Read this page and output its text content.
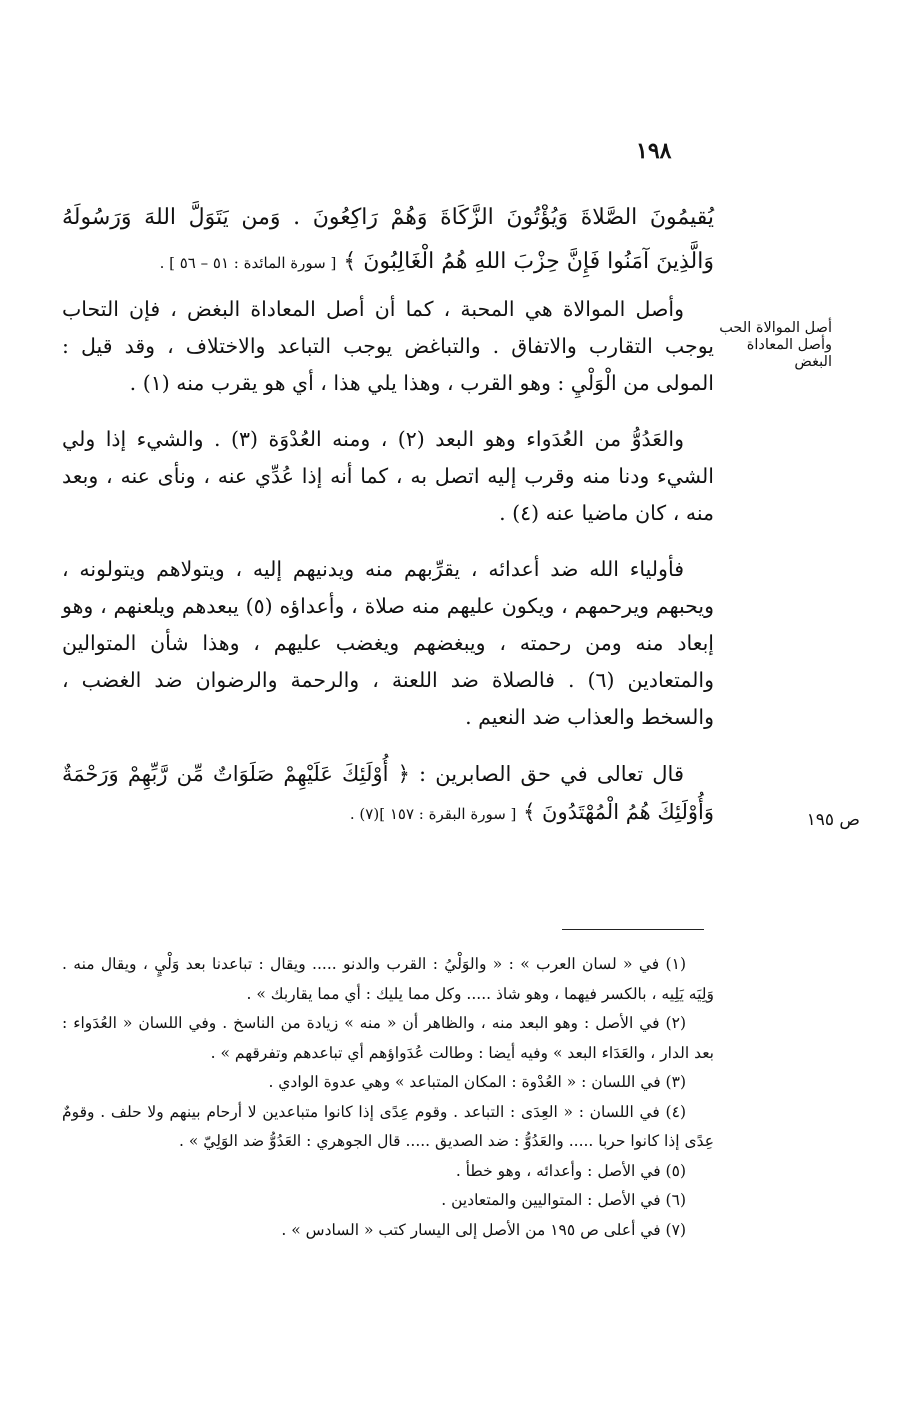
١٩٨
أصل الموالاة الحب وأصل المعاداة البغض
ص ١٩٥

يُقيمُونَ الصَّلاةَ وَيُؤْتُونَ الزَّكَاةَ وَهُمْ رَاكِعُونَ . وَمن يَتَوَلَّ اللهَ وَرَسُولَهُ وَالَّذِينَ آمَنُوا فَإِنَّ حِزْبَ اللهِ هُمُ الْغَالِبُونَ ﴾ [ سورة المائدة : ٥١ – ٥٦ ] .

وأصل الموالاة هي المحبة ، كما أن أصل المعاداة البغض ، فإن التحاب يوجب التقارب والاتفاق . والتباغض يوجب التباعد والاختلاف ، وقد قيل : المولى من الْوَلْيِ : وهو القرب ، وهذا يلي هذا ، أي هو يقرب منه (١) .

والعَدُوُّ من العُدَواء وهو البعد (٢) ، ومنه العُدْوَة (٣) . والشيء إذا ولي الشيء ودنا منه وقرب إليه اتصل به ، كما أنه إذا عُدِّي عنه ، ونأى عنه ، وبعد منه ، كان ماضيا عنه (٤) .

فأولياء الله ضد أعدائه ، يقرِّبهم منه ويدنيهم إليه ، ويتولاهم ويتولونه ، ويحبهم ويرحمهم ، ويكون عليهم منه صلاة ، وأعداؤه (٥) يبعدهم ويلعنهم ، وهو إبعاد منه ومن رحمته ، ويبغضهم ويغضب عليهم ، وهذا شأن المتوالين والمتعادين (٦) . فالصلاة ضد اللعنة ، والرحمة والرضوان ضد الغضب ، والسخط والعذاب ضد النعيم .

قال تعالى في حق الصابرين : ﴿ أُوْلَئِكَ عَلَيْهِمْ صَلَوَاتٌ مِّن رَّبِّهِمْ وَرَحْمَةٌ وَأُوْلَئِكَ هُمُ الْمُهْتَدُونَ ﴾ [ سورة البقرة : ١٥٧ ](٧) .

(١) في « لسان العرب » : « والوَلْيُ : القرب والدنو ..... ويقال : تباعدنا بعد وَلْيٍ ، ويقال منه . وَلِيَه يَلِيه ، بالكسر فيهما ، وهو شاذ ..... وكل مما يليك : أي مما يقاربك » .

(٢) في الأصل : وهو البعد منه ، والظاهر أن « منه » زيادة من الناسخ . وفي اللسان « العُدَواء : بعد الدار ، والعَدَاء البعد » وفيه أيضا : وطالت عُدَواؤهم أي تباعدهم وتفرقهم » .

(٣) في اللسان : « العُدْوة : المكان المتباعد » وهي عدوة الوادي .

(٤) في اللسان : « العِدَى : التباعد . وقوم عِدًى إذا كانوا متباعدين لا أرحام بينهم ولا حلف . وقومٌ عِدًى إذا كانوا حربا ..... والعَدُوُّ : ضد الصديق ..... قال الجوهري : العَدُوُّ ضد الوَلِيّ » .

(٥) في الأصل : وأعدائه ، وهو خطأ .

(٦) في الأصل : المتواليين والمتعادين .

(٧) في أعلى ص ١٩٥ من الأصل إلى اليسار كتب « السادس » .
